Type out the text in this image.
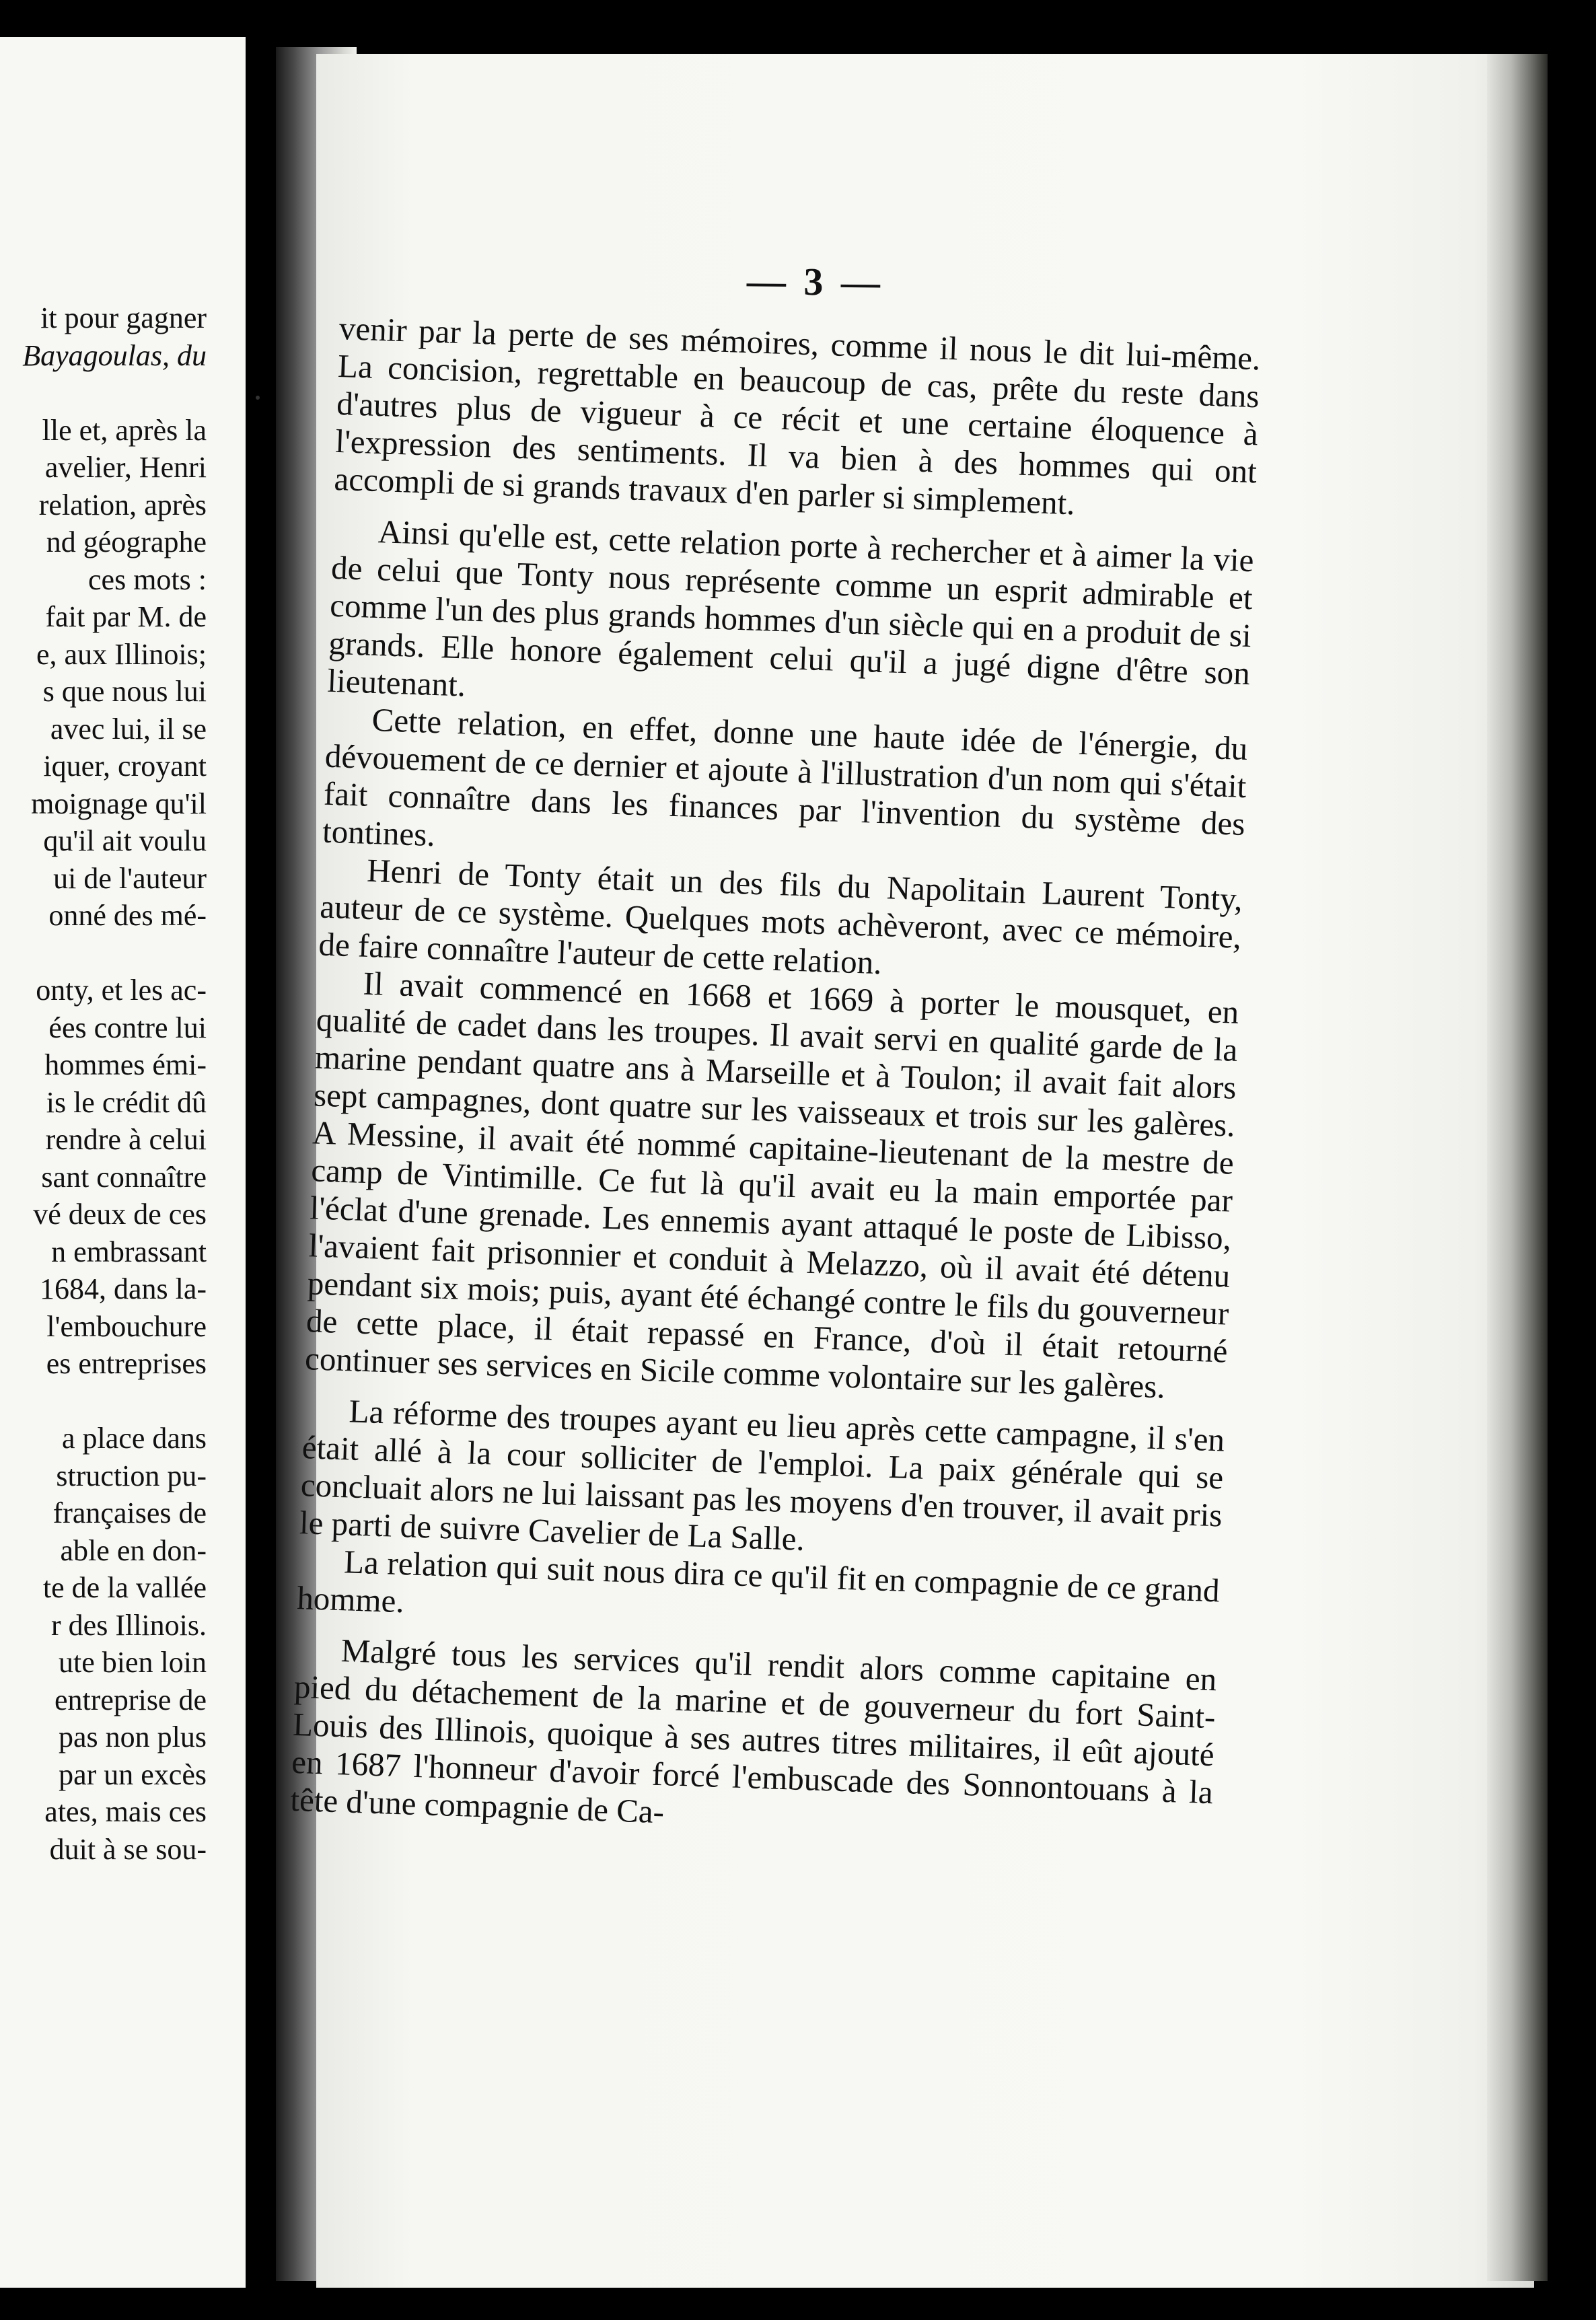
it pour gagner
Bayagoulas, du
lle et, après la
avelier, Henri
relation, après
nd géographe
ces mots :
fait par M. de
e, aux Illinois;
s que nous lui
avec lui, il se
iquer, croyant
moignage qu'il
qu'il ait voulu
ui de l'auteur
onné des mé-
onty, et les ac-
ées contre lui
hommes émi-
is le crédit dû
rendre à celui
sant connaître
vé deux de ces
n embrassant
1684, dans la-
l'embouchure
es entreprises
a place dans
struction pu-
françaises de
able en don-
te de la vallée
r des Illinois.
ute bien loin
entreprise de
pas non plus
par un excès
ates, mais ces
duit à se sou-
— 3 —

venir par la perte de ses mémoires, comme il nous le dit lui-même. La concision, regrettable en beaucoup de cas, prête du reste dans d'autres plus de vigueur à ce récit et une certaine éloquence à l'expression des sentiments. Il va bien à des hommes qui ont accompli de si grands travaux d'en parler si simplement.

Ainsi qu'elle est, cette relation porte à rechercher et à aimer la vie de celui que Tonty nous représente comme un esprit admirable et comme l'un des plus grands hommes d'un siècle qui en a produit de si grands. Elle honore également celui qu'il a jugé digne d'être son lieutenant.

Cette relation, en effet, donne une haute idée de l'énergie, du dévouement de ce dernier et ajoute à l'illustration d'un nom qui s'était fait connaître dans les finances par l'invention du système des tontines.

Henri de Tonty était un des fils du Napolitain Laurent Tonty, auteur de ce système. Quelques mots achèveront, avec ce mémoire, de faire connaître l'auteur de cette relation.

Il avait commencé en 1668 et 1669 à porter le mousquet, en qualité de cadet dans les troupes. Il avait servi en qualité garde de la marine pendant quatre ans à Marseille et à Toulon; il avait fait alors sept campagnes, dont quatre sur les vaisseaux et trois sur les galères. A Messine, il avait été nommé capitaine-lieutenant de la mestre de camp de Vintimille. Ce fut là qu'il avait eu la main emportée par l'éclat d'une grenade. Les ennemis ayant attaqué le poste de Libisso, l'avaient fait prisonnier et conduit à Melazzo, où il avait été détenu pendant six mois; puis, ayant été échangé contre le fils du gouverneur de cette place, il était repassé en France, d'où il était retourné continuer ses services en Sicile comme volontaire sur les galères.

La réforme des troupes ayant eu lieu après cette campagne, il s'en était allé à la cour solliciter de l'emploi. La paix générale qui se concluait alors ne lui laissant pas les moyens d'en trouver, il avait pris le parti de suivre Cavelier de La Salle.

La relation qui suit nous dira ce qu'il fit en compagnie de ce grand homme.

Malgré tous les services qu'il rendit alors comme capitaine en pied du détachement de la marine et de gouverneur du fort Saint-Louis des Illinois, quoique à ses autres titres militaires, il eût ajouté en 1687 l'honneur d'avoir forcé l'embuscade des Sonnontouans à la tête d'une compagnie de Ca-
